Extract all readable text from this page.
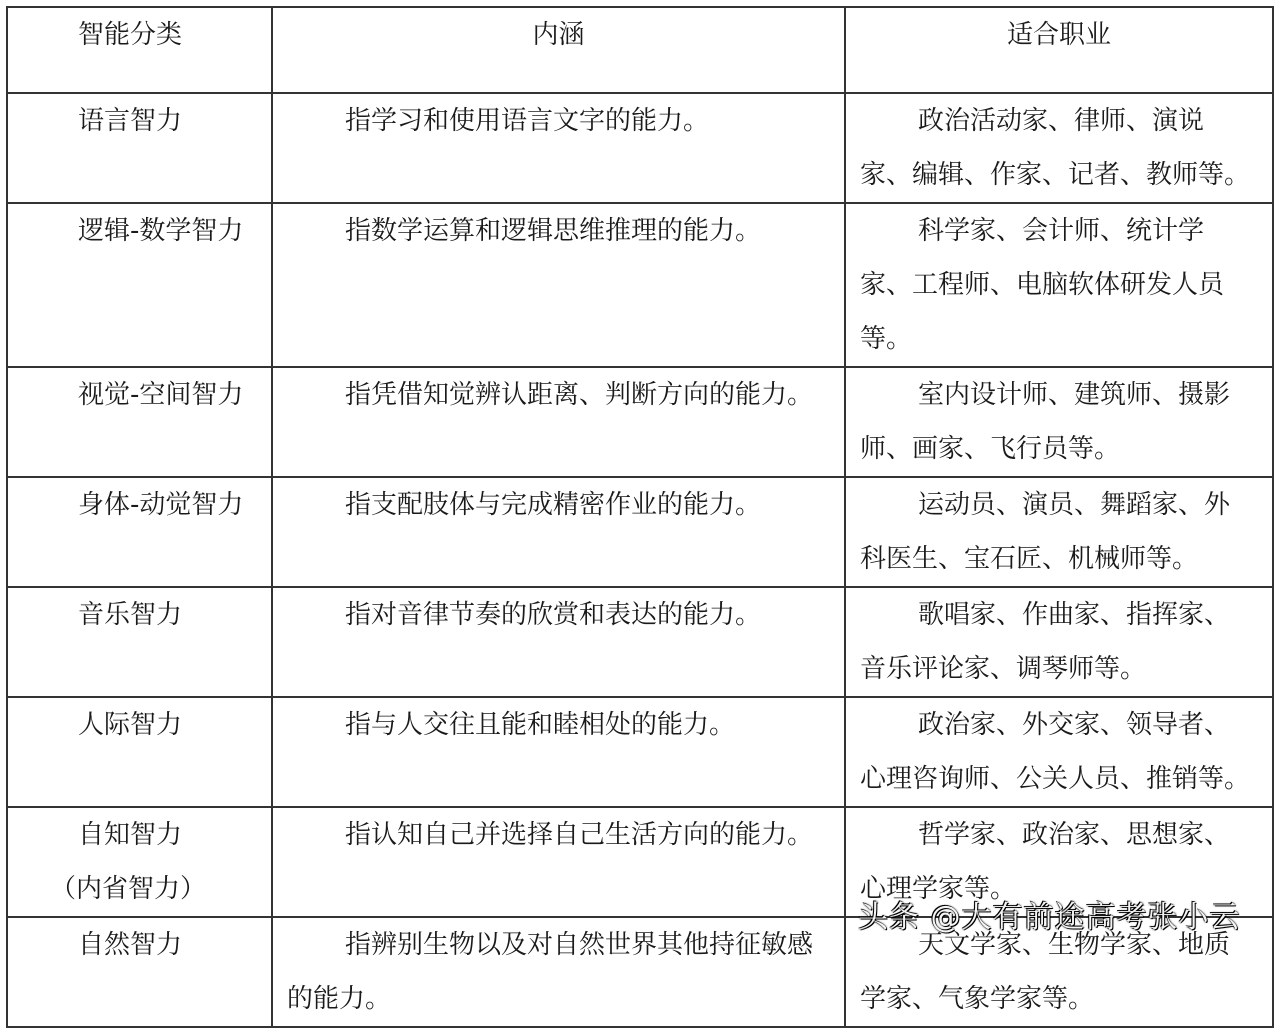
智能分类	内涵	适合职业

语言智力	指学习和使用语言文字的能力。	政治活动家、律师、演说家、编辑、作家、记者、教师等。

逻辑-数学智力	指数学运算和逻辑思维推理的能力。	科学家、会计师、统计学家、工程师、电脑软体研发人员等。

视觉-空间智力	指凭借知觉辨认距离、判断方向的能力。	室内设计师、建筑师、摄影师、画家、飞行员等。

身体-动觉智力	指支配肢体与完成精密作业的能力。	运动员、演员、舞蹈家、外科医生、宝石匠、机械师等。

音乐智力	指对音律节奏的欣赏和表达的能力。	歌唱家、作曲家、指挥家、音乐评论家、调琴师等。

人际智力	指与人交往且能和睦相处的能力。	政治家、外交家、领导者、心理咨询师、公关人员、推销等。

自知智力
（内省智力）	指认知自己并选择自己生活方向的能力。	哲学家、政治家、思想家、心理学家等。

自然智力	指辨别生物以及对自然世界其他持征敏感的能力。	天文学家、生物学家、地质学家、气象学家等。
头条 @大有前途高考张小云
